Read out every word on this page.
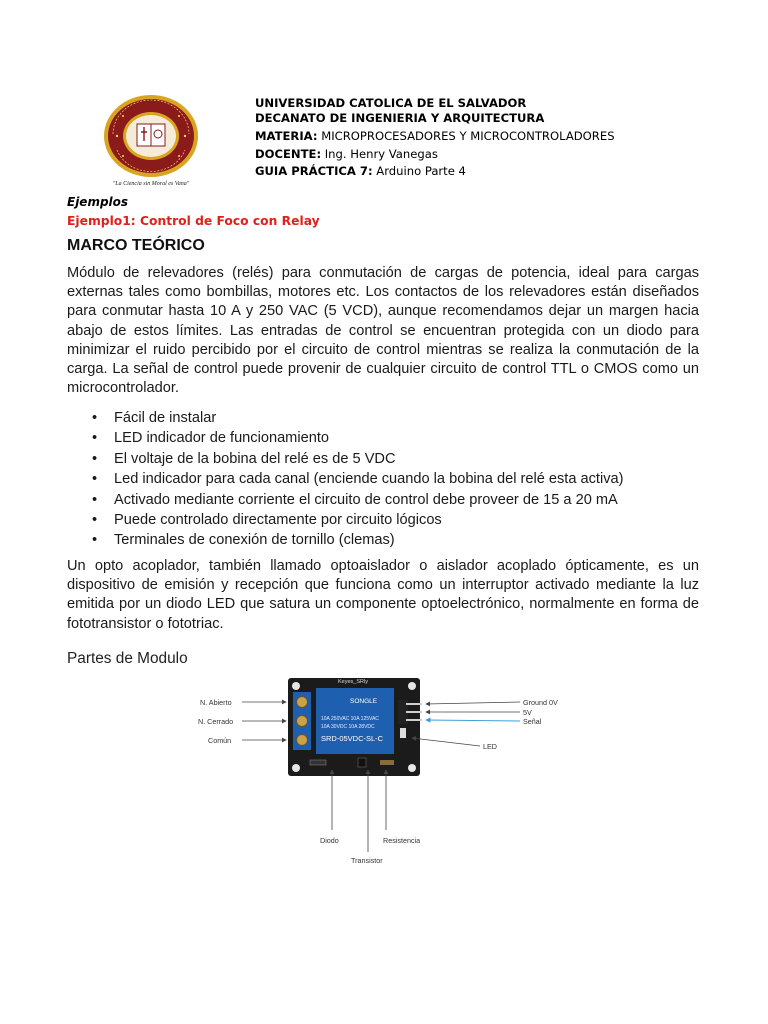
"La Ciencia sin Moral es Vana"
UNIVERSIDAD CATOLICA DE EL SALVADOR
DECANATO DE INGENIERIA Y ARQUITECTURA
MATERIA: MICROPROCESADORES Y MICROCONTROLADORES
DOCENTE: Ing. Henry Vanegas
GUIA PRÁCTICA 7: Arduino Parte 4
Ejemplos
Ejemplo1: Control de Foco con Relay
MARCO TEÓRICO
Módulo de relevadores (relés) para conmutación de cargas de potencia, ideal para cargas externas tales como bombillas, motores etc. Los contactos de los relevadores están diseñados para conmutar hasta 10 A y 250 VAC (5 VCD), aunque recomendamos dejar un margen hacia abajo de estos límites. Las entradas de control se encuentran protegida con un diodo para minimizar el ruido percibido por el circuito de control mientras se realiza la conmutación de la carga. La señal de control puede provenir de cualquier circuito de control TTL o CMOS como un microcontrolador.
• Fácil de instalar
• LED indicador de funcionamiento
• El voltaje de la bobina del relé es de 5 VDC
• Led indicador para cada canal (enciende cuando la bobina del relé esta activa)
• Activado mediante corriente el circuito de control debe proveer de 15 a 20 mA
• Puede controlado directamente por circuito lógicos
• Terminales de conexión de tornillo (clemas)
Un opto acoplador, también llamado optoaislador o aislador acoplado ópticamente, es un dispositivo de emisión y recepción que funciona como un interruptor activado mediante la luz emitida por un diodo LED que satura un componente optoelectrónico, normalmente en forma de fototransistor o fototriac.
Partes de Modulo
SONGLE
10A 250VAC 10A 125VAC
10A 30VDC 10A 28VDC
SRD-05VDC-SL-C
Keyes_SRly
N. Abierto
N. Cerrado
Común
Ground 0V
5V
Señal
LED
Diodo
Transistor
Resistencia
